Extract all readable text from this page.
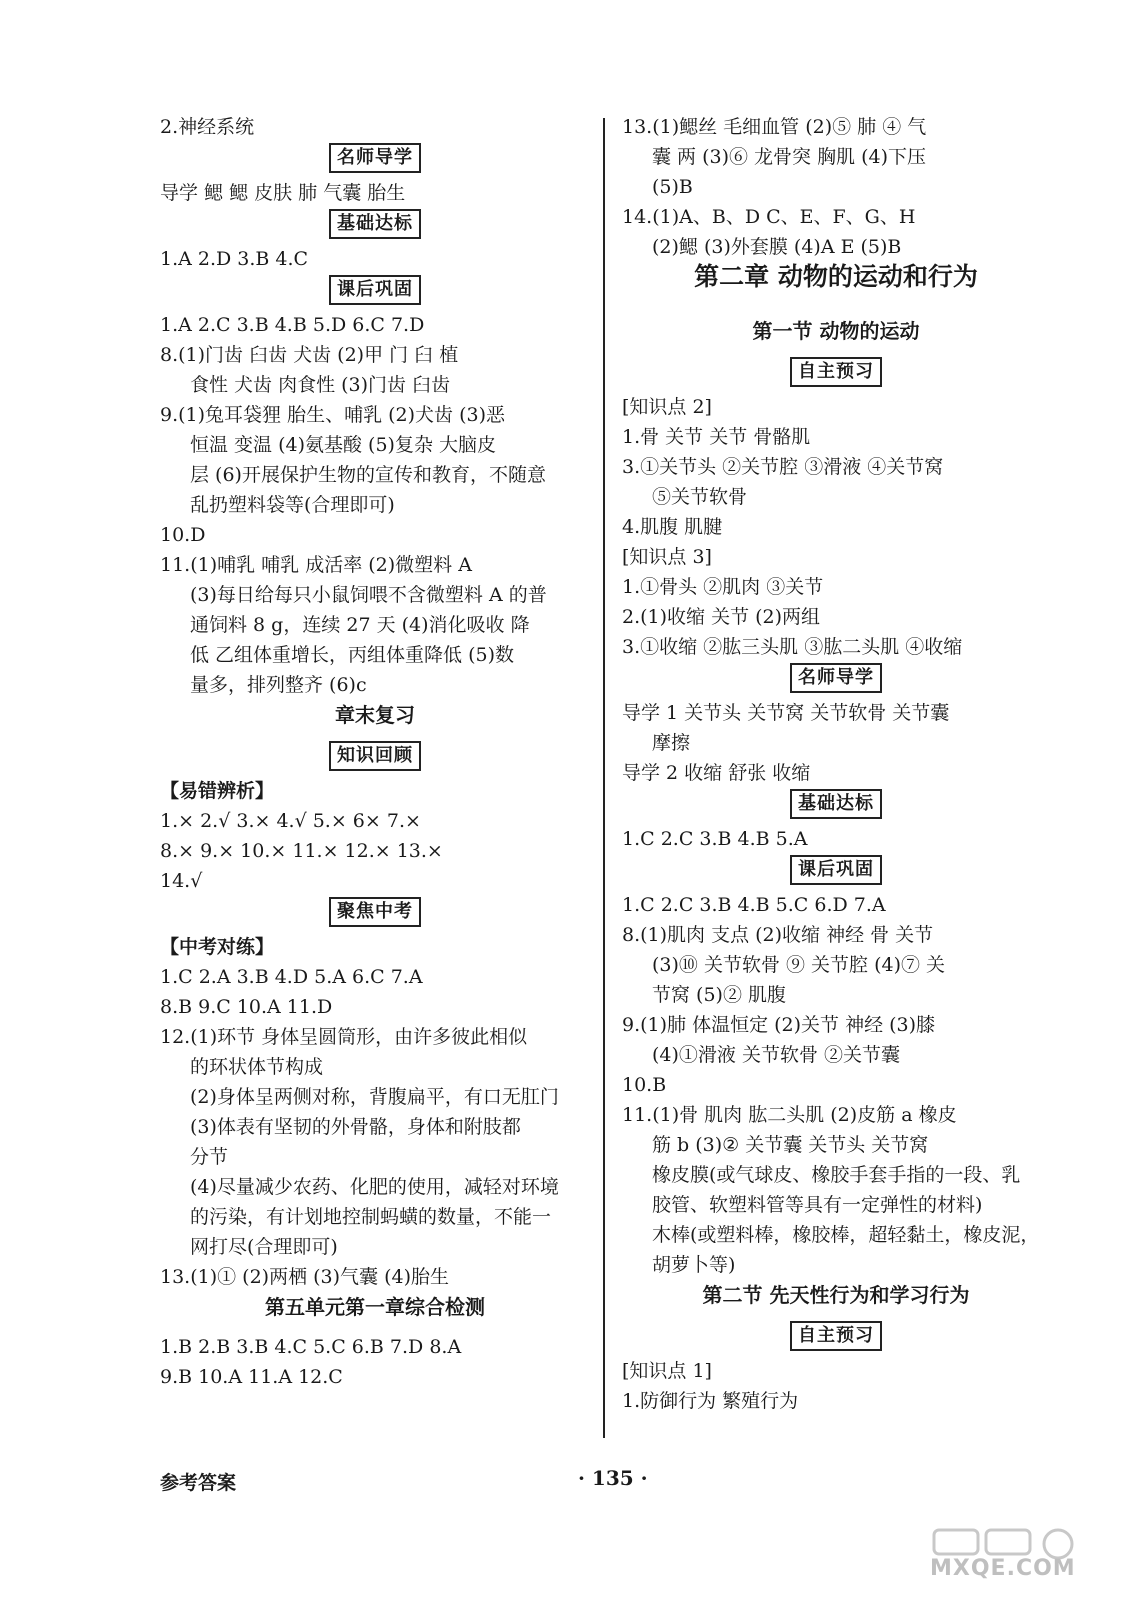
2.神经系统
名师导学
导学 鳃 鳃 皮肤 肺 气囊 胎生
基础达标
1.A 2.D 3.B 4.C
课后巩固
1.A 2.C 3.B 4.B 5.D 6.C 7.D
8.(1)门齿 臼齿 犬齿 (2)甲 门 臼 植
食性 犬齿 肉食性 (3)门齿 臼齿
9.(1)兔耳袋狸 胎生、哺乳 (2)犬齿 (3)恶
恒温 变温 (4)氨基酸 (5)复杂 大脑皮
层 (6)开展保护生物的宣传和教育，不随意
乱扔塑料袋等(合理即可)
10.D
11.(1)哺乳 哺乳 成活率 (2)微塑料 A
(3)每日给每只小鼠饲喂不含微塑料 A 的普
通饲料 8 g，连续 27 天 (4)消化吸收 降
低 乙组体重增长，丙组体重降低 (5)数
量多，排列整齐 (6)c
章末复习
知识回顾
【易错辨析】
1.× 2.√ 3.× 4.√ 5.× 6× 7.×
8.× 9.× 10.× 11.× 12.× 13.×
14.√
聚焦中考
【中考对练】
1.C 2.A 3.B 4.D 5.A 6.C 7.A
8.B 9.C 10.A 11.D
12.(1)环节 身体呈圆筒形，由许多彼此相似
的环状体节构成
(2)身体呈两侧对称，背腹扁平，有口无肛门
(3)体表有坚韧的外骨骼，身体和附肢都
分节
(4)尽量减少农药、化肥的使用，减轻对环境
的污染，有计划地控制蚂蟥的数量，不能一
网打尽(合理即可)
13.(1)① (2)两栖 (3)气囊 (4)胎生
第五单元第一章综合检测
1.B 2.B 3.B 4.C 5.C 6.B 7.D 8.A
9.B 10.A 11.A 12.C
13.(1)鳃丝 毛细血管 (2)⑤ 肺 ④ 气
囊 两 (3)⑥ 龙骨突 胸肌 (4)下压
(5)B
14.(1)A、B、D C、E、F、G、H
(2)鳃 (3)外套膜 (4)A E (5)B
第二章 动物的运动和行为
第一节 动物的运动
自主预习
[知识点 2]
1.骨 关节 关节 骨骼肌
3.①关节头 ②关节腔 ③滑液 ④关节窝
⑤关节软骨
4.肌腹 肌腱
[知识点 3]
1.①骨头 ②肌肉 ③关节
2.(1)收缩 关节 (2)两组
3.①收缩 ②肱三头肌 ③肱二头肌 ④收缩
名师导学
导学 1 关节头 关节窝 关节软骨 关节囊
摩擦
导学 2 收缩 舒张 收缩
基础达标
1.C 2.C 3.B 4.B 5.A
课后巩固
1.C 2.C 3.B 4.B 5.C 6.D 7.A
8.(1)肌肉 支点 (2)收缩 神经 骨 关节
(3)⑩ 关节软骨 ⑨ 关节腔 (4)⑦ 关
节窝 (5)② 肌腹
9.(1)肺 体温恒定 (2)关节 神经 (3)膝
(4)①滑液 关节软骨 ②关节囊
10.B
11.(1)骨 肌肉 肱二头肌 (2)皮筋 a 橡皮
筋 b (3)② 关节囊 关节头 关节窝
橡皮膜(或气球皮、橡胶手套手指的一段、乳
胶管、软塑料管等具有一定弹性的材料)
木棒(或塑料棒，橡胶棒，超轻黏土，橡皮泥，
胡萝卜等)
第二节 先天性行为和学习行为
自主预习
[知识点 1]
1.防御行为 繁殖行为
参考答案	· 135 ·
MXQE.COM
